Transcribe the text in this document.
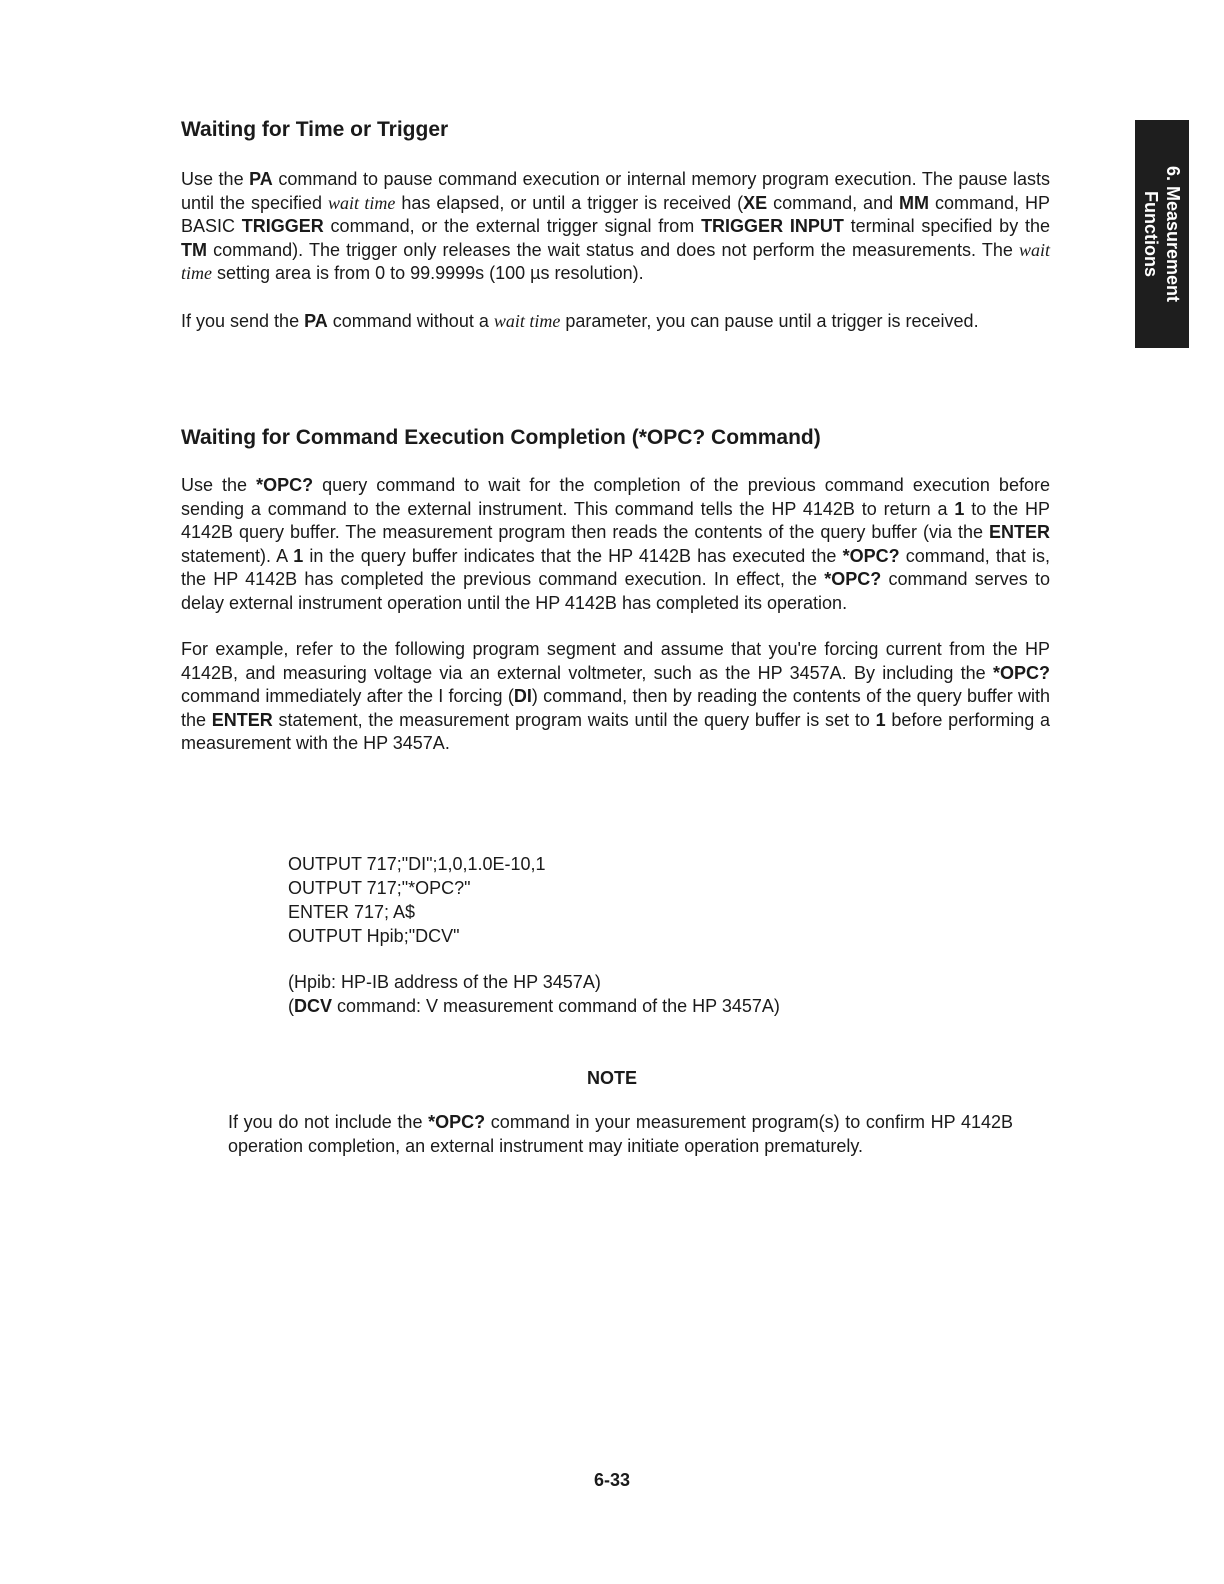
6. Measurement
Functions
Waiting for Time or Trigger

Use the PA command to pause command execution or internal memory program execution. The pause lasts until the specified wait time has elapsed, or until a trigger is received (XE command, and MM command, HP BASIC TRIGGER command, or the external trigger signal from TRIGGER INPUT terminal specified by the TM command). The trigger only releases the wait status and does not perform the measurements. The wait time setting area is from 0 to 99.9999s (100 µs resolution).

If you send the PA command without a wait time parameter, you can pause until a trigger is received.

Waiting for Command Execution Completion (*OPC? Command)

Use the *OPC? query command to wait for the completion of the previous command execution before sending a command to the external instrument. This command tells the HP 4142B to return a 1 to the HP 4142B query buffer. The measurement program then reads the contents of the query buffer (via the ENTER statement). A 1 in the query buffer indicates that the HP 4142B has executed the *OPC? command, that is, the HP 4142B has completed the previous command execution. In effect, the *OPC? command serves to delay external instrument operation until the HP 4142B has completed its operation.

For example, refer to the following program segment and assume that you're forcing current from the HP 4142B, and measuring voltage via an external voltmeter, such as the HP 3457A. By including the *OPC? command immediately after the I forcing (DI) command, then by reading the contents of the query buffer with the ENTER statement, the measurement program waits until the query buffer is set to 1 before performing a measurement with the HP 3457A.

OUTPUT 717;"DI";1,0,1.0E-10,1
OUTPUT 717;"*OPC?"
ENTER 717; A$
OUTPUT Hpib;"DCV"
(Hpib: HP-IB address of the HP 3457A)
(DCV command: V measurement command of the HP 3457A)
NOTE

If you do not include the *OPC? command in your measurement program(s) to confirm HP 4142B operation completion, an external instrument may initiate operation prematurely.

6-33
